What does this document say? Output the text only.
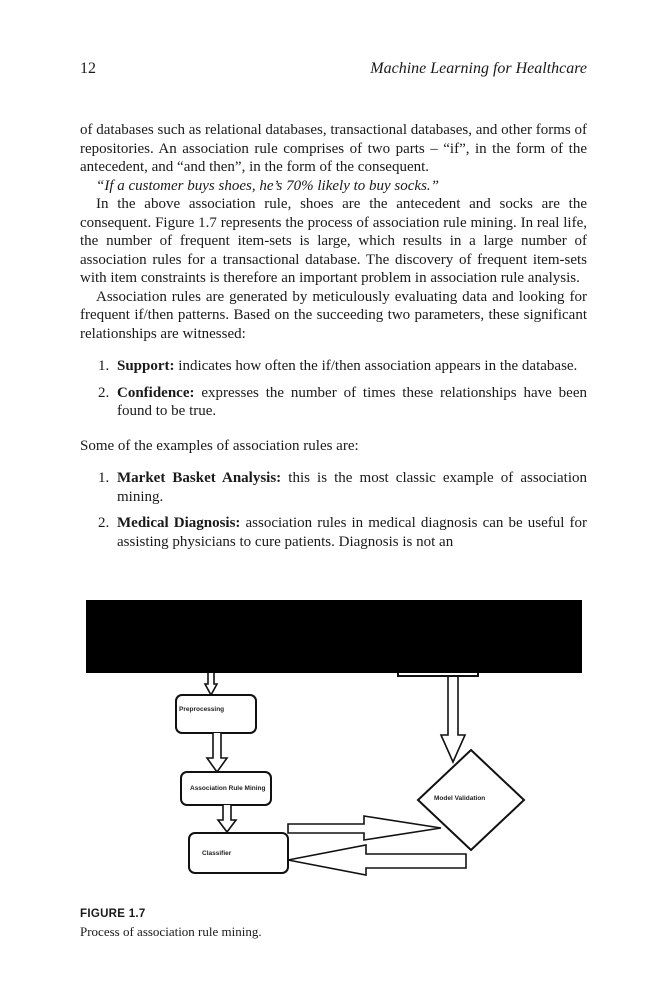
12	Machine Learning for Healthcare

of databases such as relational databases, transactional databases, and other forms of repositories. An association rule comprises of two parts – “if”, in the form of the antecedent, and “and then”, in the form of the consequent.

“If a customer buys shoes, he’s 70% likely to buy socks.”

In the above association rule, shoes are the antecedent and socks are the consequent. Figure 1.7 represents the process of association rule mining. In real life, the number of frequent item-sets is large, which results in a large number of association rules for a transactional database. The discovery of frequent item-sets with item constraints is therefore an important problem in association rule analysis.

Association rules are generated by meticulously evaluating data and looking for frequent if/then patterns. Based on the succeeding two parameters, these significant relationships are witnessed:

1. Support: indicates how often the if/then association appears in the database.
2. Confidence: expresses the number of times these relationships have been found to be true.

Some of the examples of association rules are:

1. Market Basket Analysis: this is the most classic example of association mining.
2. Medical Diagnosis: association rules in medical diagnosis can be useful for assisting physicians to cure patients. Diagnosis is not an
Preprocessing
Association Rule Mining
Classifier
Model Validation
FIGURE 1.7
Process of association rule mining.
